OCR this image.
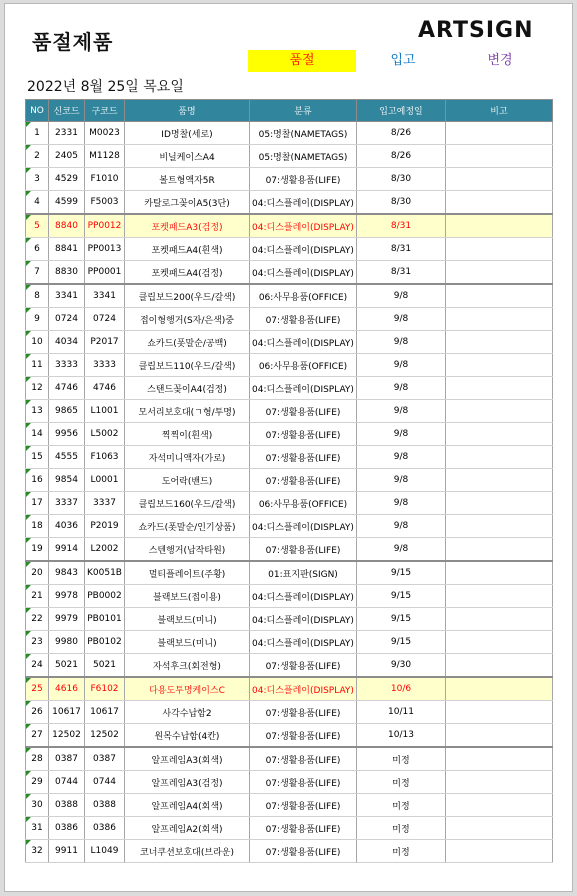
품절제품	ARTSIGN
품절	입고	변경
2022년 8월 25일 목요일
NO	신코드	구코드	품명	분류	입고예정일	비고
1	2331	M0023	ID명찰(세로)	05:명찰(NAMETAGS)	8/26	
2	2405	M1128	비닐케이스A4	05:명찰(NAMETAGS)	8/26	
3	4529	F1010	볼트형액자5R	07:생활용품(LIFE)	8/30	
4	4599	F5003	카탈로그꽂이A5(3단)	04:디스플레이(DISPLAY)	8/30	
5	8840	PP0012	포켓패드A3(검정)	04:디스플레이(DISPLAY)	8/31	
6	8841	PP0013	포켓패드A4(흰색)	04:디스플레이(DISPLAY)	8/31	
7	8830	PP0001	포켓패드A4(검정)	04:디스플레이(DISPLAY)	8/31	
8	3341	3341	클립보드200(우드/갈색)	06:사무용품(OFFICE)	9/8	
9	0724	0724	접이형행거(S자/은색)중	07:생활용품(LIFE)	9/8	
10	4034	P2017	쇼카드(폿말순/공백)	04:디스플레이(DISPLAY)	9/8	
11	3333	3333	클립보드110(우드/갈색)	06:사무용품(OFFICE)	9/8	
12	4746	4746	스탠드꽂이A4(검정)	04:디스플레이(DISPLAY)	9/8	
13	9865	L1001	모서리보호대(ㄱ형/투명)	07:생활용품(LIFE)	9/8	
14	9956	L5002	찍찍이(흰색)	07:생활용품(LIFE)	9/8	
15	4555	F1063	자석미니액자(가로)	07:생활용품(LIFE)	9/8	
16	9854	L0001	도어락(밴드)	07:생활용품(LIFE)	9/8	
17	3337	3337	클립보드160(우드/갈색)	06:사무용품(OFFICE)	9/8	
18	4036	P2019	쇼카드(폿말순/인기상품)	04:디스플레이(DISPLAY)	9/8	
19	9914	L2002	스텐행거(납작타원)	07:생활용품(LIFE)	9/8	
20	9843	K0051B	멀티플레이트(주황)	01:표지판(SIGN)	9/15	
21	9978	PB0002	블랙보드(접이용)	04:디스플레이(DISPLAY)	9/15	
22	9979	PB0101	블랙보드(미니)	04:디스플레이(DISPLAY)	9/15	
23	9980	PB0102	블랙보드(미니)	04:디스플레이(DISPLAY)	9/15	
24	5021	5021	자석후크(회전형)	07:생활용품(LIFE)	9/30	
25	4616	F6102	다용도투명케이스C	04:디스플레이(DISPLAY)	10/6	
26	10617	10617	사각수납함2	07:생활용품(LIFE)	10/11	
27	12502	12502	원목수납함(4칸)	07:생활용품(LIFE)	10/13	
28	0387	0387	알프레임A3(회색)	07:생활용품(LIFE)	미정	
29	0744	0744	알프레임A3(검정)	07:생활용품(LIFE)	미정	
30	0388	0388	알프레임A4(회색)	07:생활용품(LIFE)	미정	
31	0386	0386	알프레임A2(회색)	07:생활용품(LIFE)	미정	
32	9911	L1049	코너쿠션보호대(브라운)	07:생활용품(LIFE)	미정	
